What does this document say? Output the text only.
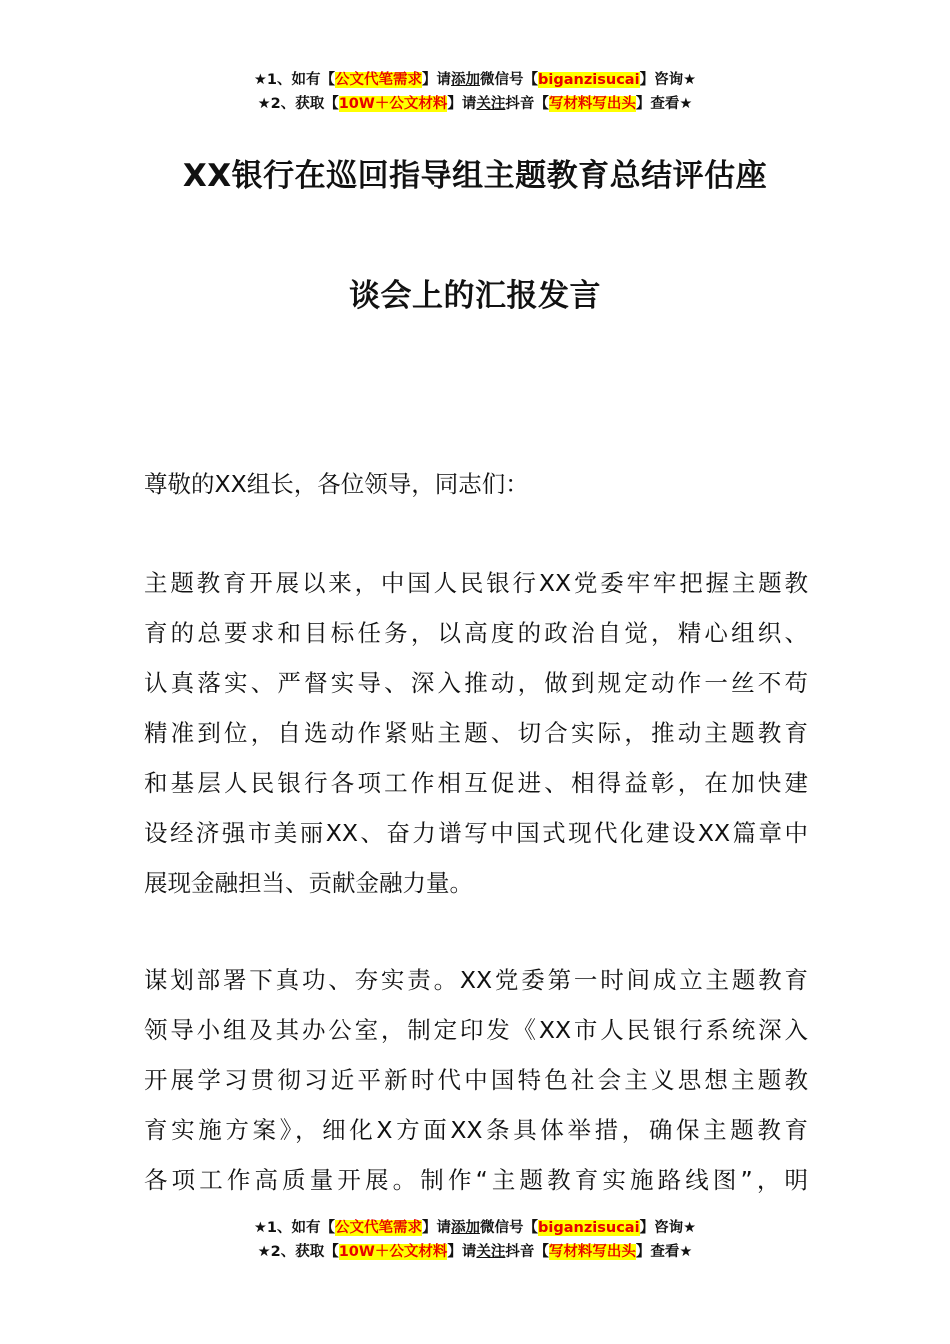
★1、如有【公文代笔需求】请添加微信号【biganzisucai】咨询★
★2、获取【10W＋公文材料】请关注抖音【写材料写出头】查看★
XX银行在巡回指导组主题教育总结评估座
谈会上的汇报发言
尊敬的XX组长，各位领导，同志们：
主题教育开展以来，中国人民银行XX党委牢牢把握主题教
育的总要求和目标任务，以高度的政治自觉，精心组织、
认真落实、严督实导、深入推动，做到规定动作一丝不苟
精准到位，自选动作紧贴主题、切合实际，推动主题教育
和基层人民银行各项工作相互促进、相得益彰，在加快建
设经济强市美丽XX、奋力谱写中国式现代化建设XX篇章中
展现金融担当、贡献金融力量。
谋划部署下真功、夯实责。XX党委第一时间成立主题教育
领导小组及其办公室，制定印发《XX市人民银行系统深入
开展学习贯彻习近平新时代中国特色社会主义思想主题教
育实施方案》，细化X方面XX条具体举措，确保主题教育
各项工作高质量开展。制作“主题教育实施路线图”，明
★1、如有【公文代笔需求】请添加微信号【biganzisucai】咨询★
★2、获取【10W＋公文材料】请关注抖音【写材料写出头】查看★
